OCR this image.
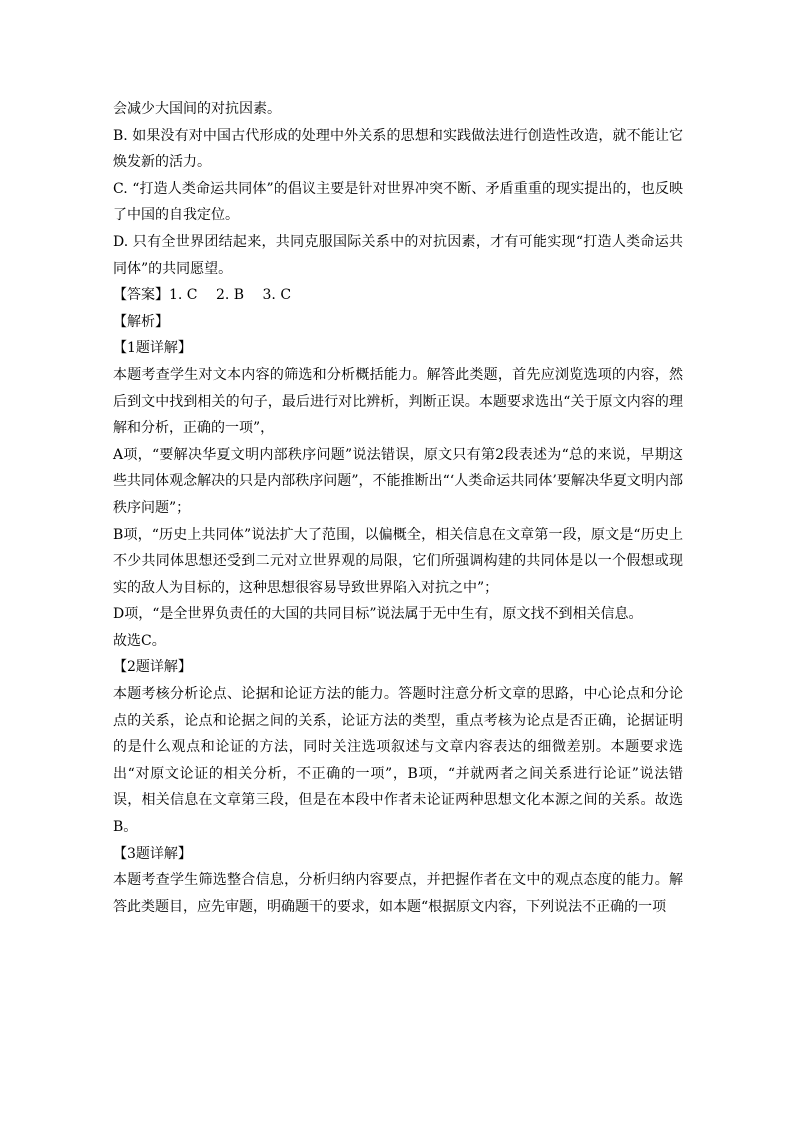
会减少大国间的对抗因素。

B. 如果没有对中国古代形成的处理中外关系的思想和实践做法进行创造性改造，就不能让它焕发新的活力。

C. “打造人类命运共同体”的倡议主要是针对世界冲突不断、矛盾重重的现实提出的，也反映了中国的自我定位。

D. 只有全世界团结起来，共同克服国际关系中的对抗因素，才有可能实现“打造人类命运共同体”的共同愿望。

【答案】1. C　 2. B　 3. C

【解析】

【1题详解】

本题考查学生对文本内容的筛选和分析概括能力。解答此类题，首先应浏览选项的内容，然后到文中找到相关的句子，最后进行对比辨析，判断正误。本题要求选出“关于原文内容的理解和分析，正确的一项”，

A项，“要解决华夏文明内部秩序问题”说法错误，原文只有第2段表述为“总的来说，早期这些共同体观念解决的只是内部秩序问题”，不能推断出“‘人类命运共同体’要解决华夏文明内部秩序问题”；

B项，“历史上共同体”说法扩大了范围，以偏概全，相关信息在文章第一段，原文是“历史上不少共同体思想还受到二元对立世界观的局限，它们所强调构建的共同体是以一个假想或现实的敌人为目标的，这种思想很容易导致世界陷入对抗之中”；

D项，“是全世界负责任的大国的共同目标”说法属于无中生有，原文找不到相关信息。

故选C。

【2题详解】

本题考核分析论点、论据和论证方法的能力。答题时注意分析文章的思路，中心论点和分论点的关系，论点和论据之间的关系，论证方法的类型，重点考核为论点是否正确，论据证明的是什么观点和论证的方法，同时关注选项叙述与文章内容表达的细微差别。本题要求选出“对原文论证的相关分析，不正确的一项”，B项，“并就两者之间关系进行论证”说法错误，相关信息在文章第三段，但是在本段中作者未论证两种思想文化本源之间的关系。故选B。

【3题详解】

本题考查学生筛选整合信息，分析归纳内容要点，并把握作者在文中的观点态度的能力。解答此类题目，应先审题，明确题干的要求，如本题“根据原文内容，下列说法不正确的一项
